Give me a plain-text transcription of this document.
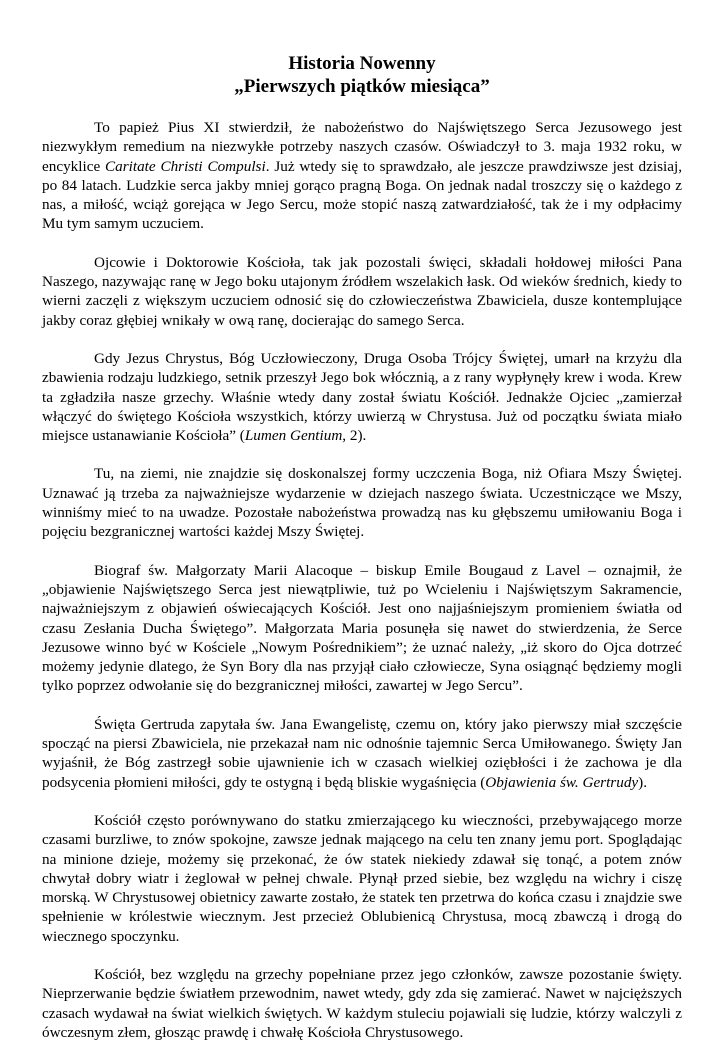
Historia Nowenny
„Pierwszych piątków miesiąca”

To papież Pius XI stwierdził, że nabożeństwo do Najświętszego Serca Jezusowego jest niezwykłym remedium na niezwykłe potrzeby naszych czasów. Oświadczył to 3. maja 1932 roku, w encyklice Caritate Christi Compulsi. Już wtedy się to sprawdzało, ale jeszcze prawdziwsze jest dzisiaj, po 84 latach. Ludzkie serca jakby mniej gorąco pragną Boga. On jednak nadal troszczy się o każdego z nas, a miłość, wciąż gorejąca w Jego Sercu, może stopić naszą zatwardziałość, tak że i my odpłacimy Mu tym samym uczuciem.

Ojcowie i Doktorowie Kościoła, tak jak pozostali święci, składali hołdowej miłości Pana Naszego, nazywając ranę w Jego boku utajonym źródłem wszelakich łask. Od wieków średnich, kiedy to wierni zaczęli z większym uczuciem odnosić się do człowieczeństwa Zbawiciela, dusze kontemplujące jakby coraz głębiej wnikały w ową ranę, docierając do samego Serca.

Gdy Jezus Chrystus, Bóg Uczłowieczony, Druga Osoba Trójcy Świętej, umarł na krzyżu dla zbawienia rodzaju ludzkiego, setnik przeszył Jego bok włócznią, a z rany wypłynęły krew i woda. Krew ta zgładziła nasze grzechy. Właśnie wtedy dany został światu Kościół. Jednakże Ojciec „zamierzał włączyć do świętego Kościoła wszystkich, którzy uwierzą w Chrystusa. Już od początku świata miało miejsce ustanawianie Kościoła” (Lumen Gentium, 2).

Tu, na ziemi, nie znajdzie się doskonalszej formy uczczenia Boga, niż Ofiara Mszy Świętej. Uznawać ją trzeba za najważniejsze wydarzenie w dziejach naszego świata. Uczestniczące we Mszy, winniśmy mieć to na uwadze. Pozostałe nabożeństwa prowadzą nas ku głębszemu umiłowaniu Boga i pojęciu bezgranicznej wartości każdej Mszy Świętej.

Biograf św. Małgorzaty Marii Alacoque – biskup Emile Bougaud z Lavel – oznajmił, że „objawienie Najświętszego Serca jest niewątpliwie, tuż po Wcieleniu i Najświętszym Sakramencie, najważniejszym z objawień oświecających Kościół. Jest ono najjaśniejszym promieniem światła od czasu Zesłania Ducha Świętego”. Małgorzata Maria posunęła się nawet do stwierdzenia, że Serce Jezusowe winno być w Kościele „Nowym Pośrednikiem”; że uznać należy, „iż skoro do Ojca dotrzeć możemy jedynie dlatego, że Syn Bory dla nas przyjął ciało człowiecze, Syna osiągnąć będziemy mogli tylko poprzez odwołanie się do bezgranicznej miłości, zawartej w Jego Sercu”.

Święta Gertruda zapytała św. Jana Ewangelistę, czemu on, który jako pierwszy miał szczęście spocząć na piersi Zbawiciela, nie przekazał nam nic odnośnie tajemnic Serca Umiłowanego. Święty Jan wyjaśnił, że Bóg zastrzegł sobie ujawnienie ich w czasach wielkiej oziębłości i że zachowa je dla podsycenia płomieni miłości, gdy te ostygną i będą bliskie wygaśnięcia (Objawienia św. Gertrudy).

Kościół często porównywano do statku zmierzającego ku wieczności, przebywającego morze czasami burzliwe, to znów spokojne, zawsze jednak mającego na celu ten znany jemu port. Spoglądając na minione dzieje, możemy się przekonać, że ów statek niekiedy zdawał się tonąć, a potem znów chwytał dobry wiatr i żeglował w pełnej chwale. Płynął przed siebie, bez względu na wichry i ciszę morską. W Chrystusowej obietnicy zawarte zostało, że statek ten przetrwa do końca czasu i znajdzie swe spełnienie w królestwie wiecznym. Jest przecież Oblubienicą Chrystusa, mocą zbawczą i drogą do wiecznego spoczynku.

Kościół, bez względu na grzechy popełniane przez jego członków, zawsze pozostanie święty. Nieprzerwanie będzie światłem przewodnim, nawet wtedy, gdy zda się zamierać. Nawet w najcięższych czasach wydawał na świat wielkich świętych. W każdym stuleciu pojawiali się ludzie, którzy walczyli z ówczesnym złem, głosząc prawdę i chwałę Kościoła Chrystusowego.
